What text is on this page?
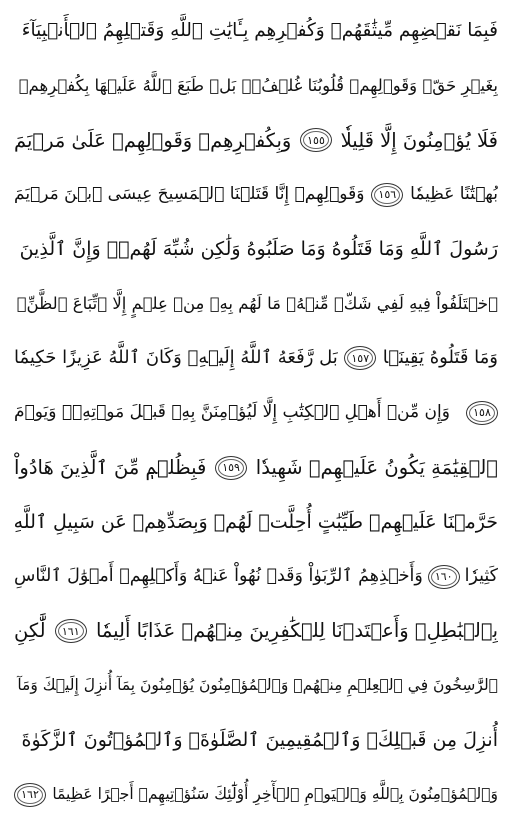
فَبِمَا نَقۡضِهِم مِّيثَٰقَهُمۡ وَكُفۡرِهِم بِـَٔايَٰتِ ٱللَّهِ وَقَتۡلِهِمُ ٱلۡأَنۢبِيَآءَ
بِغَيۡرِ حَقّٖ وَقَوۡلِهِمۡ قُلُوبُنَا غُلۡفُۢۚ بَلۡ طَبَعَ ٱللَّهُ عَلَيۡهَا بِكُفۡرِهِمۡ
فَلَا يُؤۡمِنُونَ إِلَّا قَلِيلٗا
١٥٥
وَبِكُفۡرِهِمۡ وَقَوۡلِهِمۡ عَلَىٰ مَرۡيَمَ
بُهۡتَٰنًا عَظِيمٗا
١٥٦
وَقَوۡلِهِمۡ إِنَّا قَتَلۡنَا ٱلۡمَسِيحَ عِيسَى ٱبۡنَ مَرۡيَمَ
رَسُولَ ٱللَّهِ وَمَا قَتَلُوهُ وَمَا صَلَبُوهُ وَلَٰكِن شُبِّهَ لَهُمۡۚ وَإِنَّ ٱلَّذِينَ
ٱخۡتَلَفُواْ فِيهِ لَفِي شَكّٖ مِّنۡهُۚ مَا لَهُم بِهِۦ مِنۡ عِلۡمٍ إِلَّا ٱتِّبَاعَ ٱلظَّنِّۚ
وَمَا قَتَلُوهُ يَقِينَۢا
١٥٧
بَل رَّفَعَهُ ٱللَّهُ إِلَيۡهِۚ وَكَانَ ٱللَّهُ عَزِيزًا حَكِيمٗا
١٥٨
وَإِن مِّنۡ أَهۡلِ ٱلۡكِتَٰبِ إِلَّا لَيُؤۡمِنَنَّ بِهِۦ قَبۡلَ مَوۡتِهِۦۖ وَيَوۡمَ
ٱلۡقِيَٰمَةِ يَكُونُ عَلَيۡهِمۡ شَهِيدٗا
١٥٩
فَبِظُلۡمٖ مِّنَ ٱلَّذِينَ هَادُواْ
حَرَّمۡنَا عَلَيۡهِمۡ طَيِّبَٰتٍ أُحِلَّتۡ لَهُمۡ وَبِصَدِّهِمۡ عَن سَبِيلِ ٱللَّهِ
كَثِيرٗا
١٦٠
وَأَخۡذِهِمُ ٱلرِّبَوٰاْ وَقَدۡ نُهُواْ عَنۡهُ وَأَكۡلِهِمۡ أَمۡوَٰلَ ٱلنَّاسِ
بِٱلۡبَٰطِلِۚ وَأَعۡتَدۡنَا لِلۡكَٰفِرِينَ مِنۡهُمۡ عَذَابًا أَلِيمٗا
١٦١
لَّٰكِنِ
ٱلرَّٰسِخُونَ فِي ٱلۡعِلۡمِ مِنۡهُمۡ وَٱلۡمُؤۡمِنُونَ يُؤۡمِنُونَ بِمَآ أُنزِلَ إِلَيۡكَ وَمَآ
أُنزِلَ مِن قَبۡلِكَۚ وَٱلۡمُقِيمِينَ ٱلصَّلَوٰةَۚ وَٱلۡمُؤۡتُونَ ٱلزَّكَوٰةَ
وَٱلۡمُؤۡمِنُونَ بِٱللَّهِ وَٱلۡيَوۡمِ ٱلۡأٓخِرِ أُوْلَٰٓئِكَ سَنُؤۡتِيهِمۡ أَجۡرًا عَظِيمًا
١٦٢
